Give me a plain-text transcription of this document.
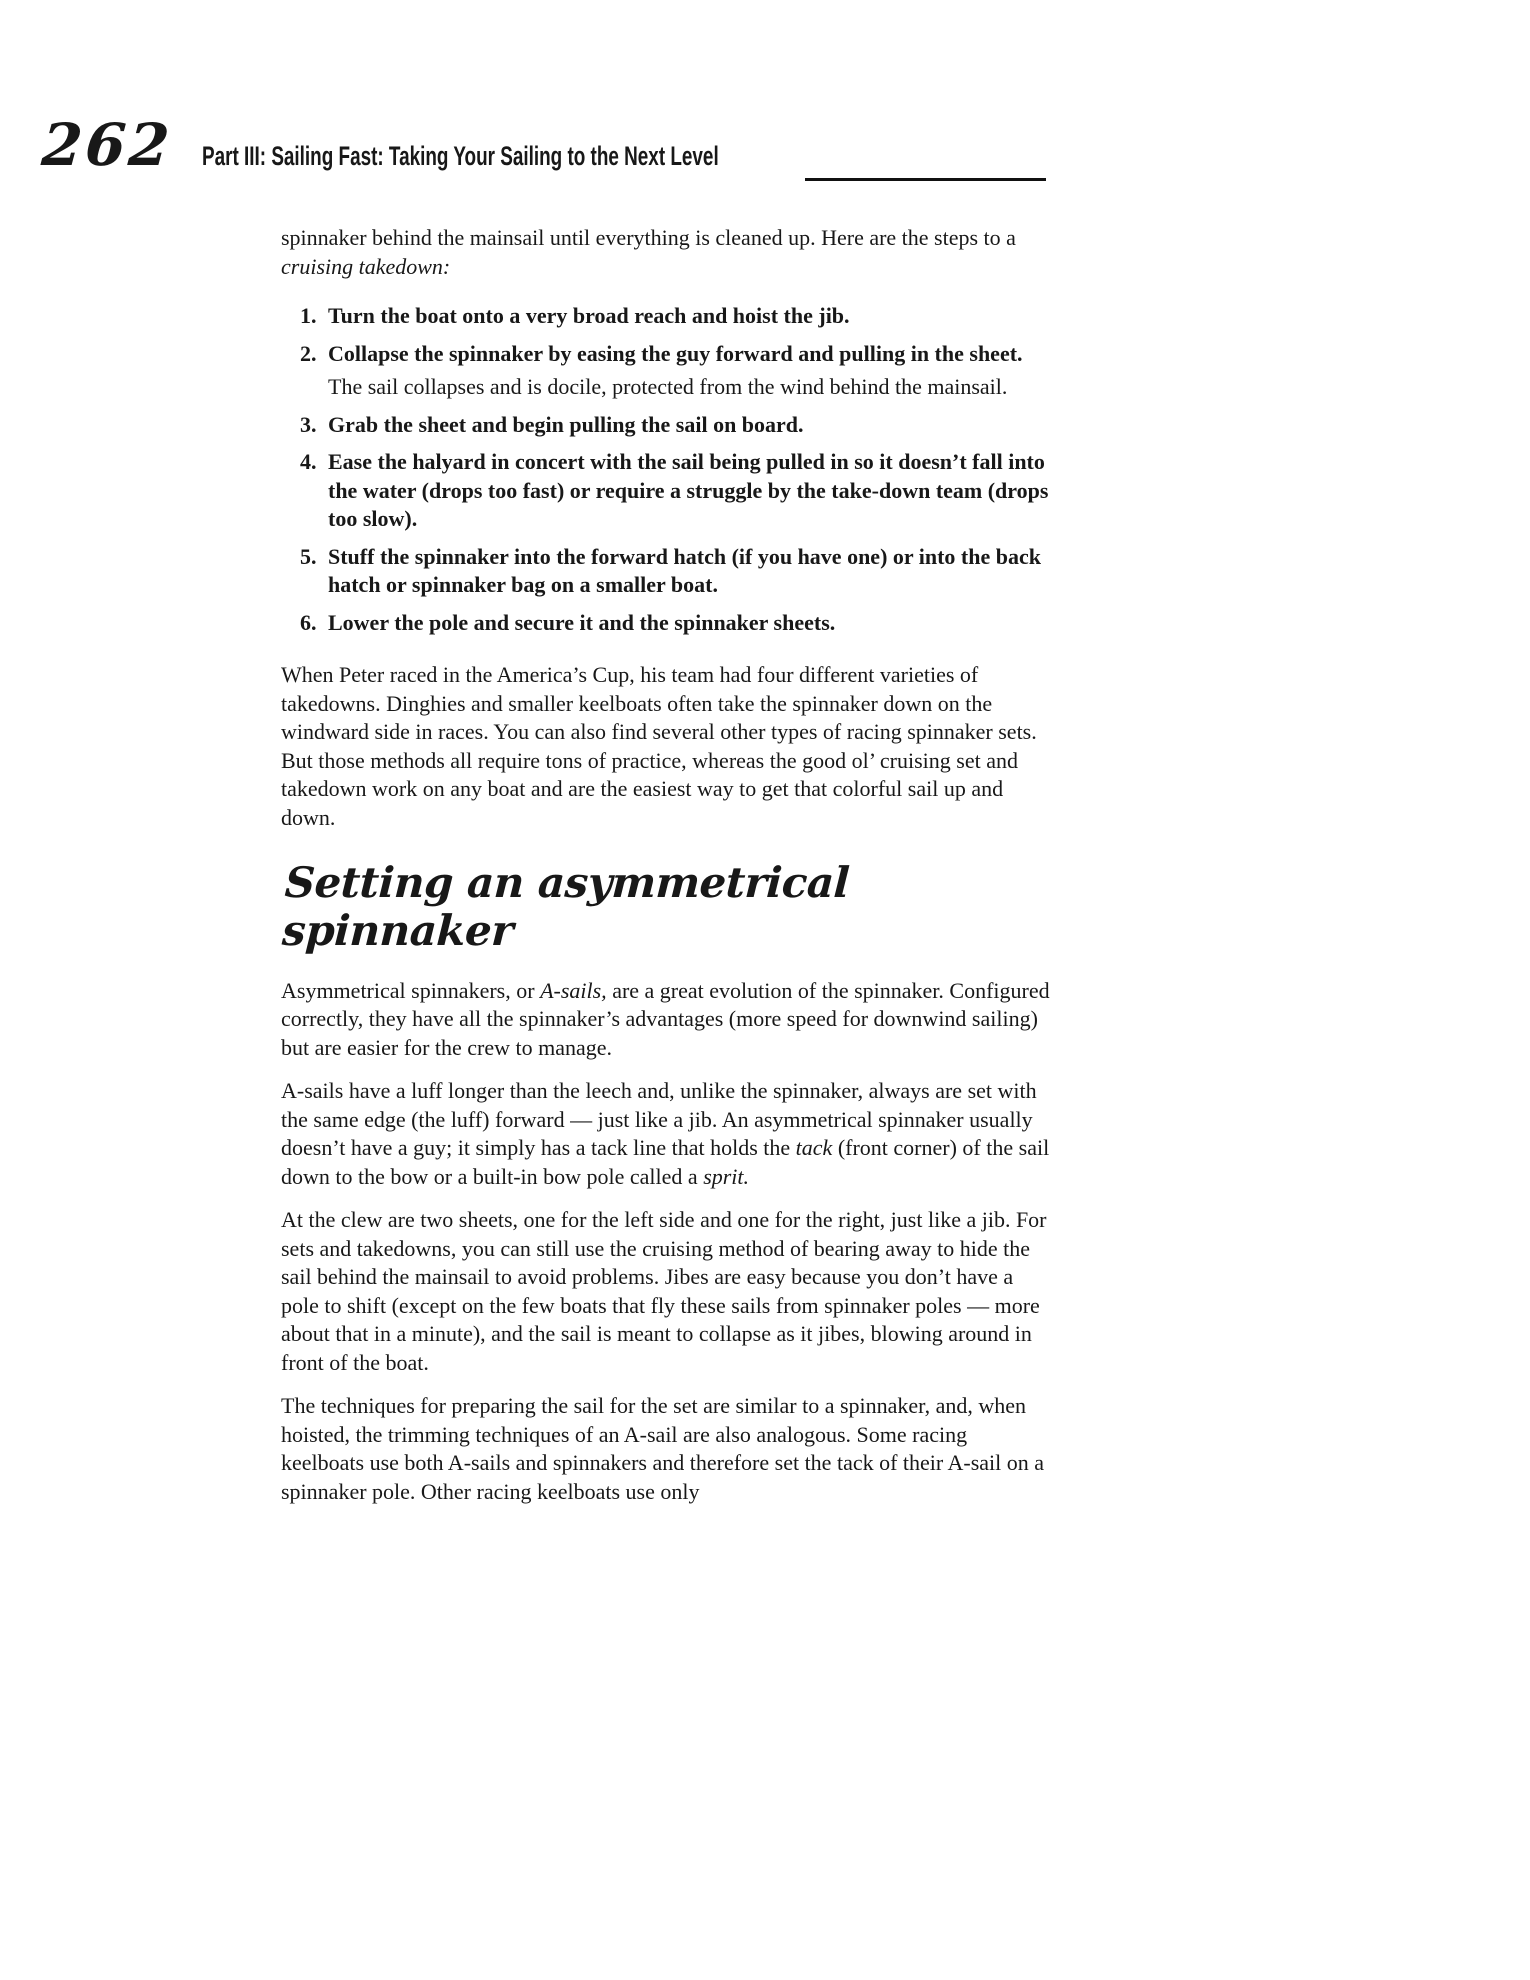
262 Part III: Sailing Fast: Taking Your Sailing to the Next Level

spinnaker behind the mainsail until everything is cleaned up. Here are the steps to a cruising takedown:

1. Turn the boat onto a very broad reach and hoist the jib.
2. Collapse the spinnaker by easing the guy forward and pulling in the sheet.

The sail collapses and is docile, protected from the wind behind the mainsail.

3. Grab the sheet and begin pulling the sail on board.
4. Ease the halyard in concert with the sail being pulled in so it doesn’t fall into the water (drops too fast) or require a struggle by the take-down team (drops too slow).
5. Stuff the spinnaker into the forward hatch (if you have one) or into the back hatch or spinnaker bag on a smaller boat.
6. Lower the pole and secure it and the spinnaker sheets.

When Peter raced in the America’s Cup, his team had four different varieties of takedowns. Dinghies and smaller keelboats often take the spinnaker down on the windward side in races. You can also find several other types of racing spinnaker sets. But those methods all require tons of practice, whereas the good ol’ cruising set and takedown work on any boat and are the easiest way to get that colorful sail up and down.

Setting an asymmetrical spinnaker

Asymmetrical spinnakers, or A-sails, are a great evolution of the spinnaker. Configured correctly, they have all the spinnaker’s advantages (more speed for downwind sailing) but are easier for the crew to manage.

A-sails have a luff longer than the leech and, unlike the spinnaker, always are set with the same edge (the luff) forward — just like a jib. An asymmetrical spinnaker usually doesn’t have a guy; it simply has a tack line that holds the tack (front corner) of the sail down to the bow or a built-in bow pole called a sprit.

At the clew are two sheets, one for the left side and one for the right, just like a jib. For sets and takedowns, you can still use the cruising method of bearing away to hide the sail behind the mainsail to avoid problems. Jibes are easy because you don’t have a pole to shift (except on the few boats that fly these sails from spinnaker poles — more about that in a minute), and the sail is meant to collapse as it jibes, blowing around in front of the boat.

The techniques for preparing the sail for the set are similar to a spinnaker, and, when hoisted, the trimming techniques of an A-sail are also analogous. Some racing keelboats use both A-sails and spinnakers and therefore set the tack of their A-sail on a spinnaker pole. Other racing keelboats use only
